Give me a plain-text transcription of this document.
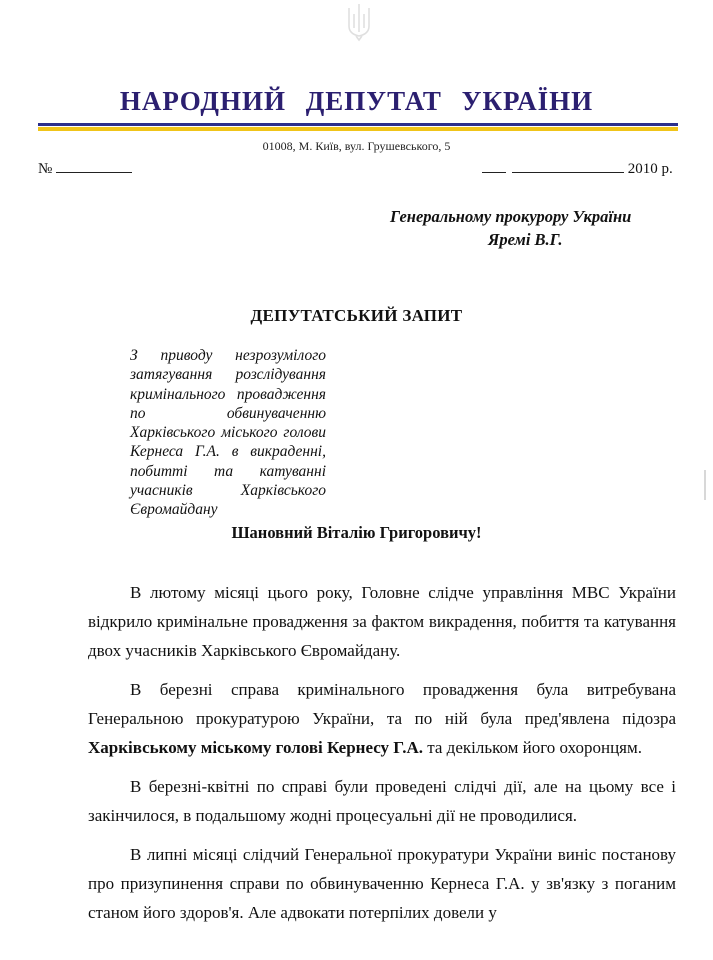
НАРОДНИЙ ДЕПУТАТ УКРАЇНИ
01008, М. Київ, вул. Грушевського, 5
№	2010 р.
Генеральному прокурору України
Яремі В.Г.
ДЕПУТАТСЬКИЙ ЗАПИТ

З приводу незрозумілого затягування розслідування кримінального провадження по обвинуваченню Харківського міського голови Кернеса Г.А. в викраденні, побитті та катуванні учасників Харківського Євромайдану

Шановний Віталію Григоровичу!

В лютому місяці цього року, Головне слідче управління МВС України відкрило кримінальне провадження за фактом викрадення, побиття та катування двох учасників Харківського Євромайдану.

В березні справа кримінального провадження була витребувана Генеральною прокуратурою України, та по ній була пред'явлена підозра Харківському міському голові Кернесу Г.А. та декільком його охоронцям.

В березні-квітні по справі були проведені слідчі дії, але на цьому все і закінчилося, в подальшому жодні процесуальні дії не проводилися.

В липні місяці слідчий Генеральної прокуратури України виніс постанову про призупинення справи по обвинуваченню Кернеса Г.А. у зв'язку з поганим станом його здоров'я. Але адвокати потерпілих довели у
